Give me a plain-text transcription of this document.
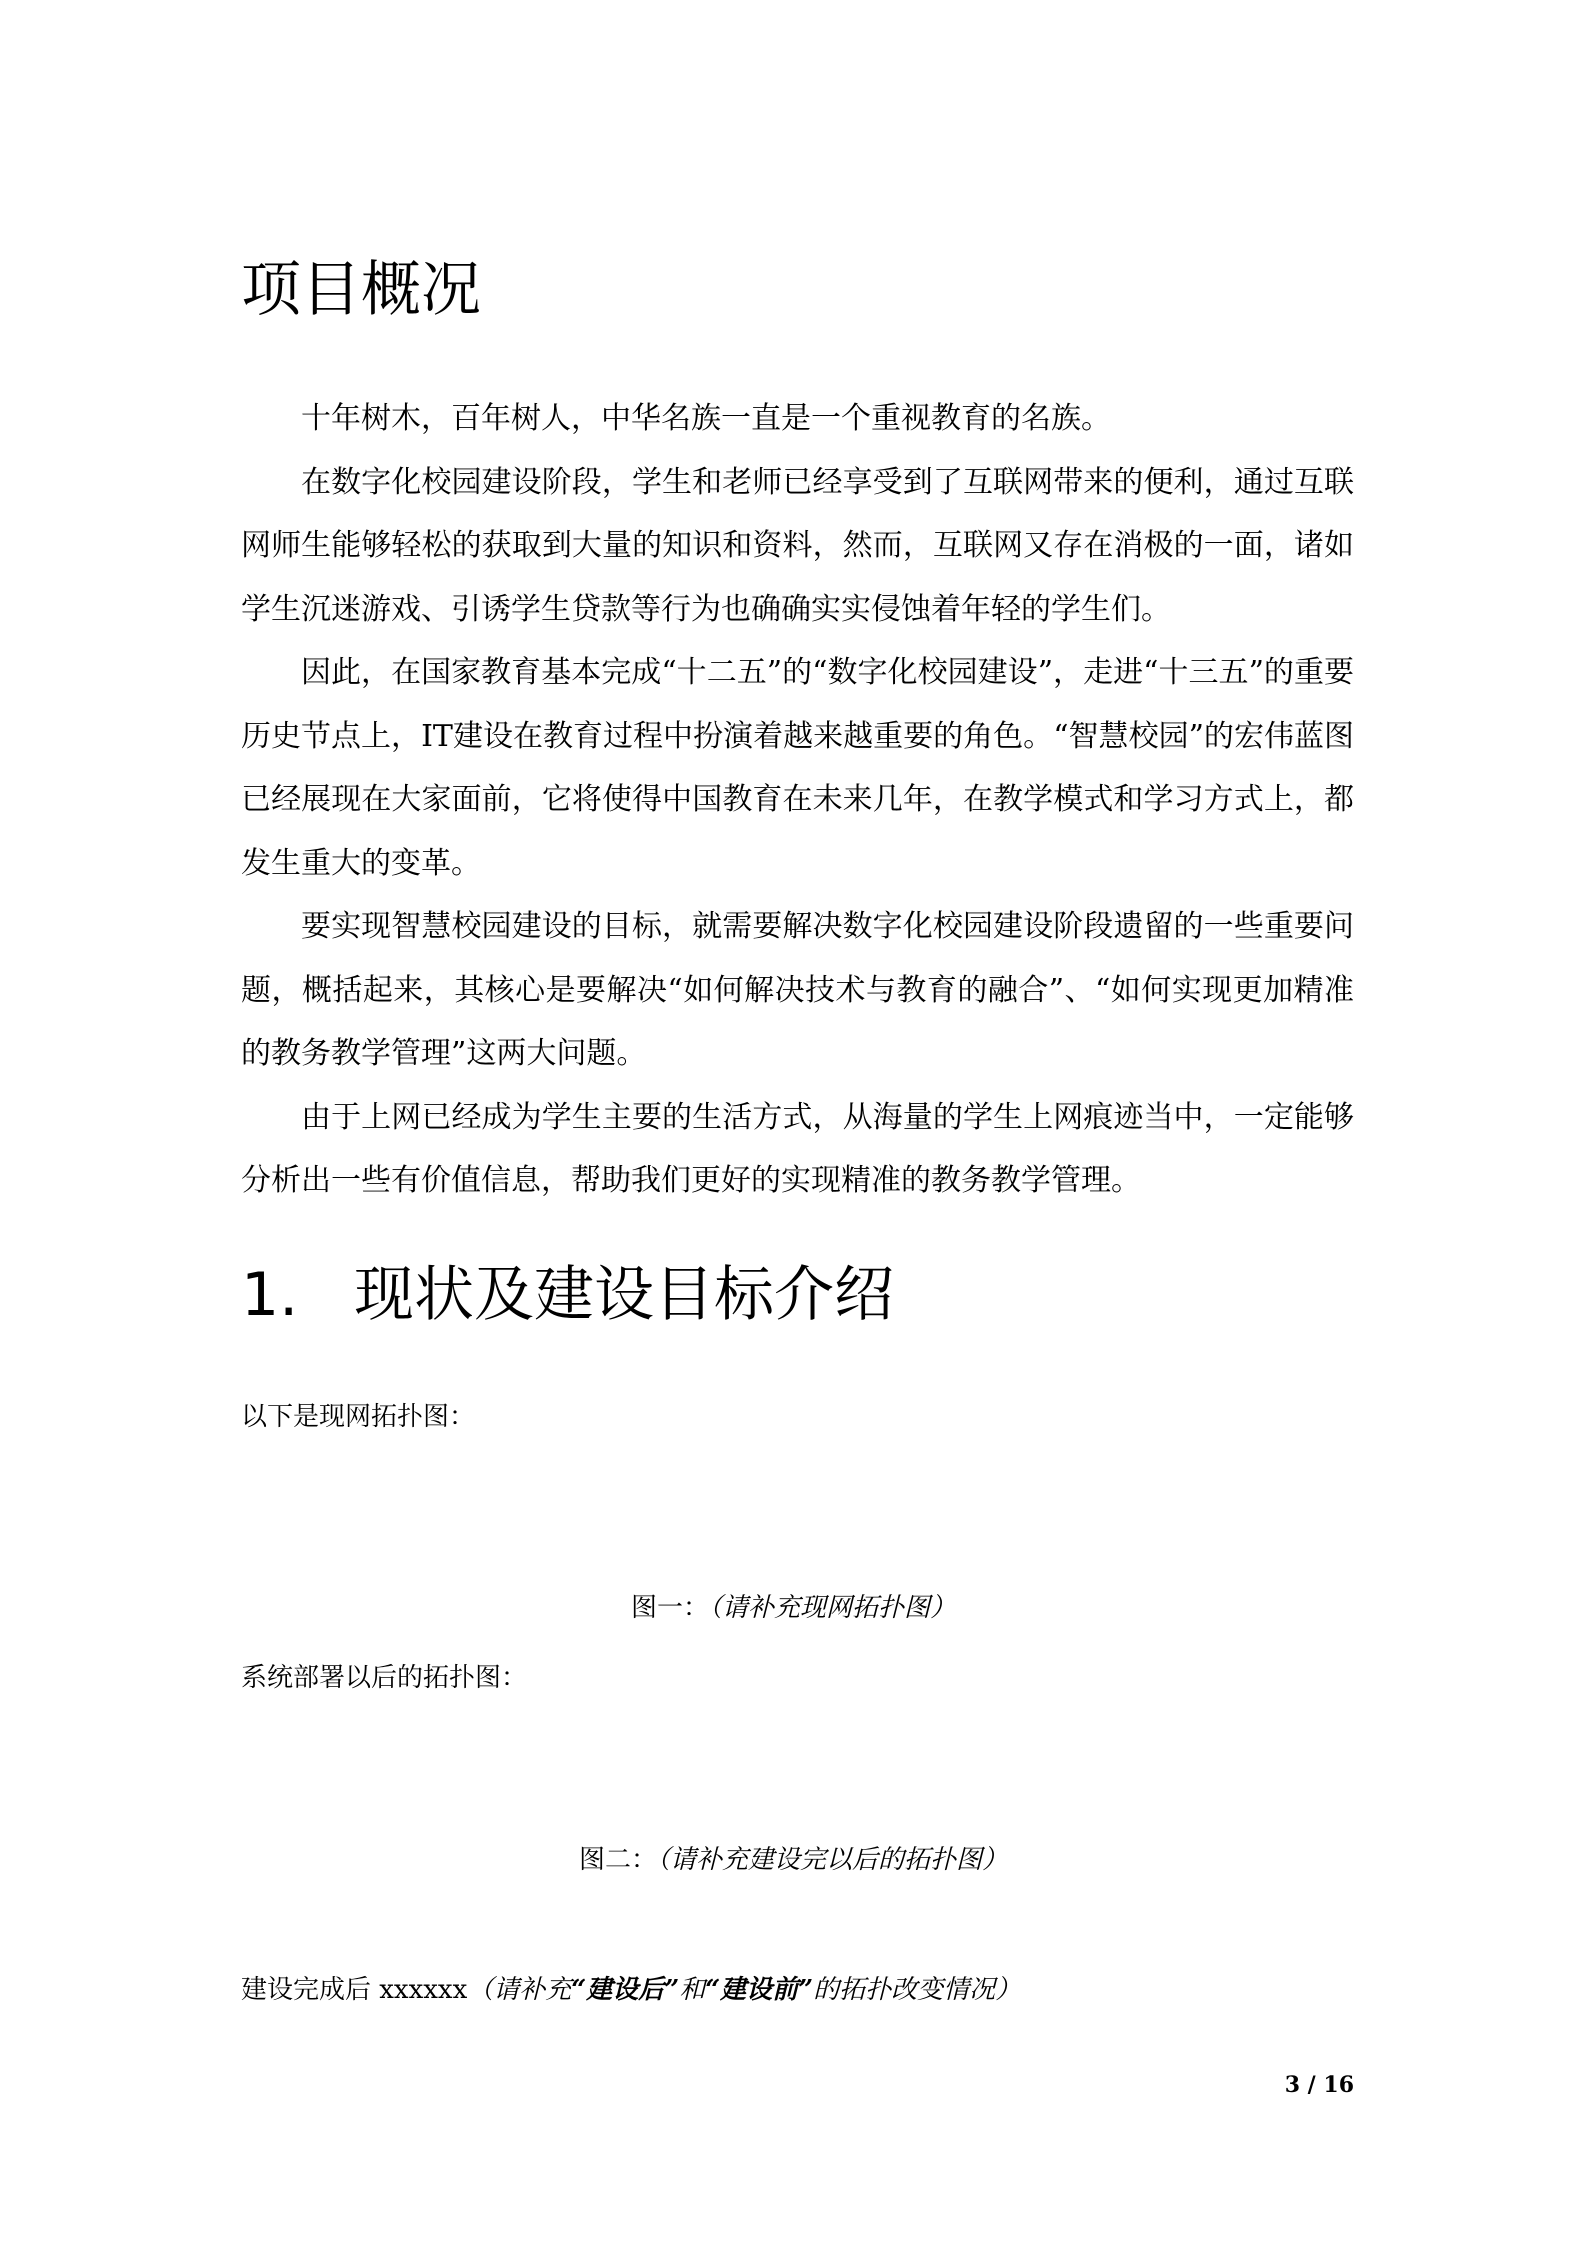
项目概况

十年树木，百年树人，中华名族一直是一个重视教育的名族。

在数字化校园建设阶段，学生和老师已经享受到了互联网带来的便利，通过互联网师生能够轻松的获取到大量的知识和资料，然而，互联网又存在消极的一面，诸如学生沉迷游戏、引诱学生贷款等行为也确确实实侵蚀着年轻的学生们。

因此，在国家教育基本完成“十二五”的“数字化校园建设”，走进“十三五”的重要历史节点上，IT建设在教育过程中扮演着越来越重要的角色。“智慧校园”的宏伟蓝图已经展现在大家面前，它将使得中国教育在未来几年，在教学模式和学习方式上，都发生重大的变革。

要实现智慧校园建设的目标，就需要解决数字化校园建设阶段遗留的一些重要问题，概括起来，其核心是要解决“如何解决技术与教育的融合”、“如何实现更加精准的教务教学管理”这两大问题。

由于上网已经成为学生主要的生活方式，从海量的学生上网痕迹当中，一定能够分析出一些有价值信息，帮助我们更好的实现精准的教务教学管理。

1. 现状及建设目标介绍
以下是现网拓扑图：
图一：（请补充现网拓扑图）
系统部署以后的拓扑图：
图二：（请补充建设完以后的拓扑图）
建设完成后 xxxxxx（请补充“建设后”和“建设前”的拓扑改变情况）
3 / 16
